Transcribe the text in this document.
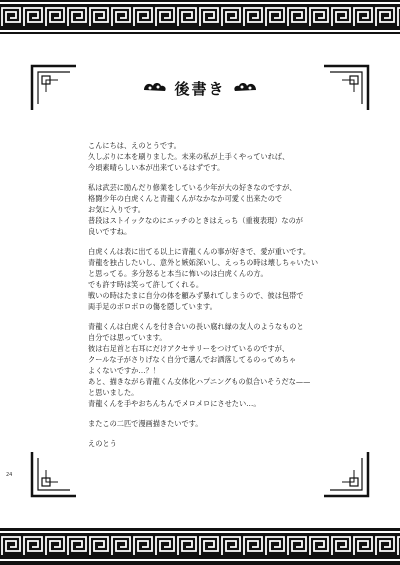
後書き

こんにちは、えのとうです。
久しぶりに本を刷りました。未来の私が上手くやっていれば、
今頃素晴らしい本が出来ているはずです。

私は武芸に励んだり修業をしている少年が大の好きなのですが、
格闘少年の白虎くんと青龍くんがなかなか可愛く出来たので
お気に入りです。
普段はストイックなのにエッチのときはえっち（重複表現）なのが
良いですね。

白虎くんは表に出てる以上に青龍くんの事が好きで、愛が重いです。
青龍を独占したいし、意外と嫉妬深いし、えっちの時は壊しちゃいたい
と思ってる。多分怒ると本当に怖いのは白虎くんの方。
でも許す時は笑って許してくれる。
戦いの時はたまに自分の体を顧みず暴れてしまうので、彼は包帯で
両手足のボロボロの傷を隠しています。

青龍くんは白虎くんを付き合いの長い腐れ縁の友人のようなものと
自分では思っています。
彼は右足首と右耳にだけアクセサリーをつけているのですが、
クールな子がさりげなく自分で選んでお洒落してるのってめちゃ
よくないですか…？！
あと、描きながら青龍くん女体化ハプニングもの似合いそうだな——
と思いました。
青龍くんを手やおちんちんでメロメロにさせたい…。

またこの二匹で漫画描きたいです。

えのとう

24
